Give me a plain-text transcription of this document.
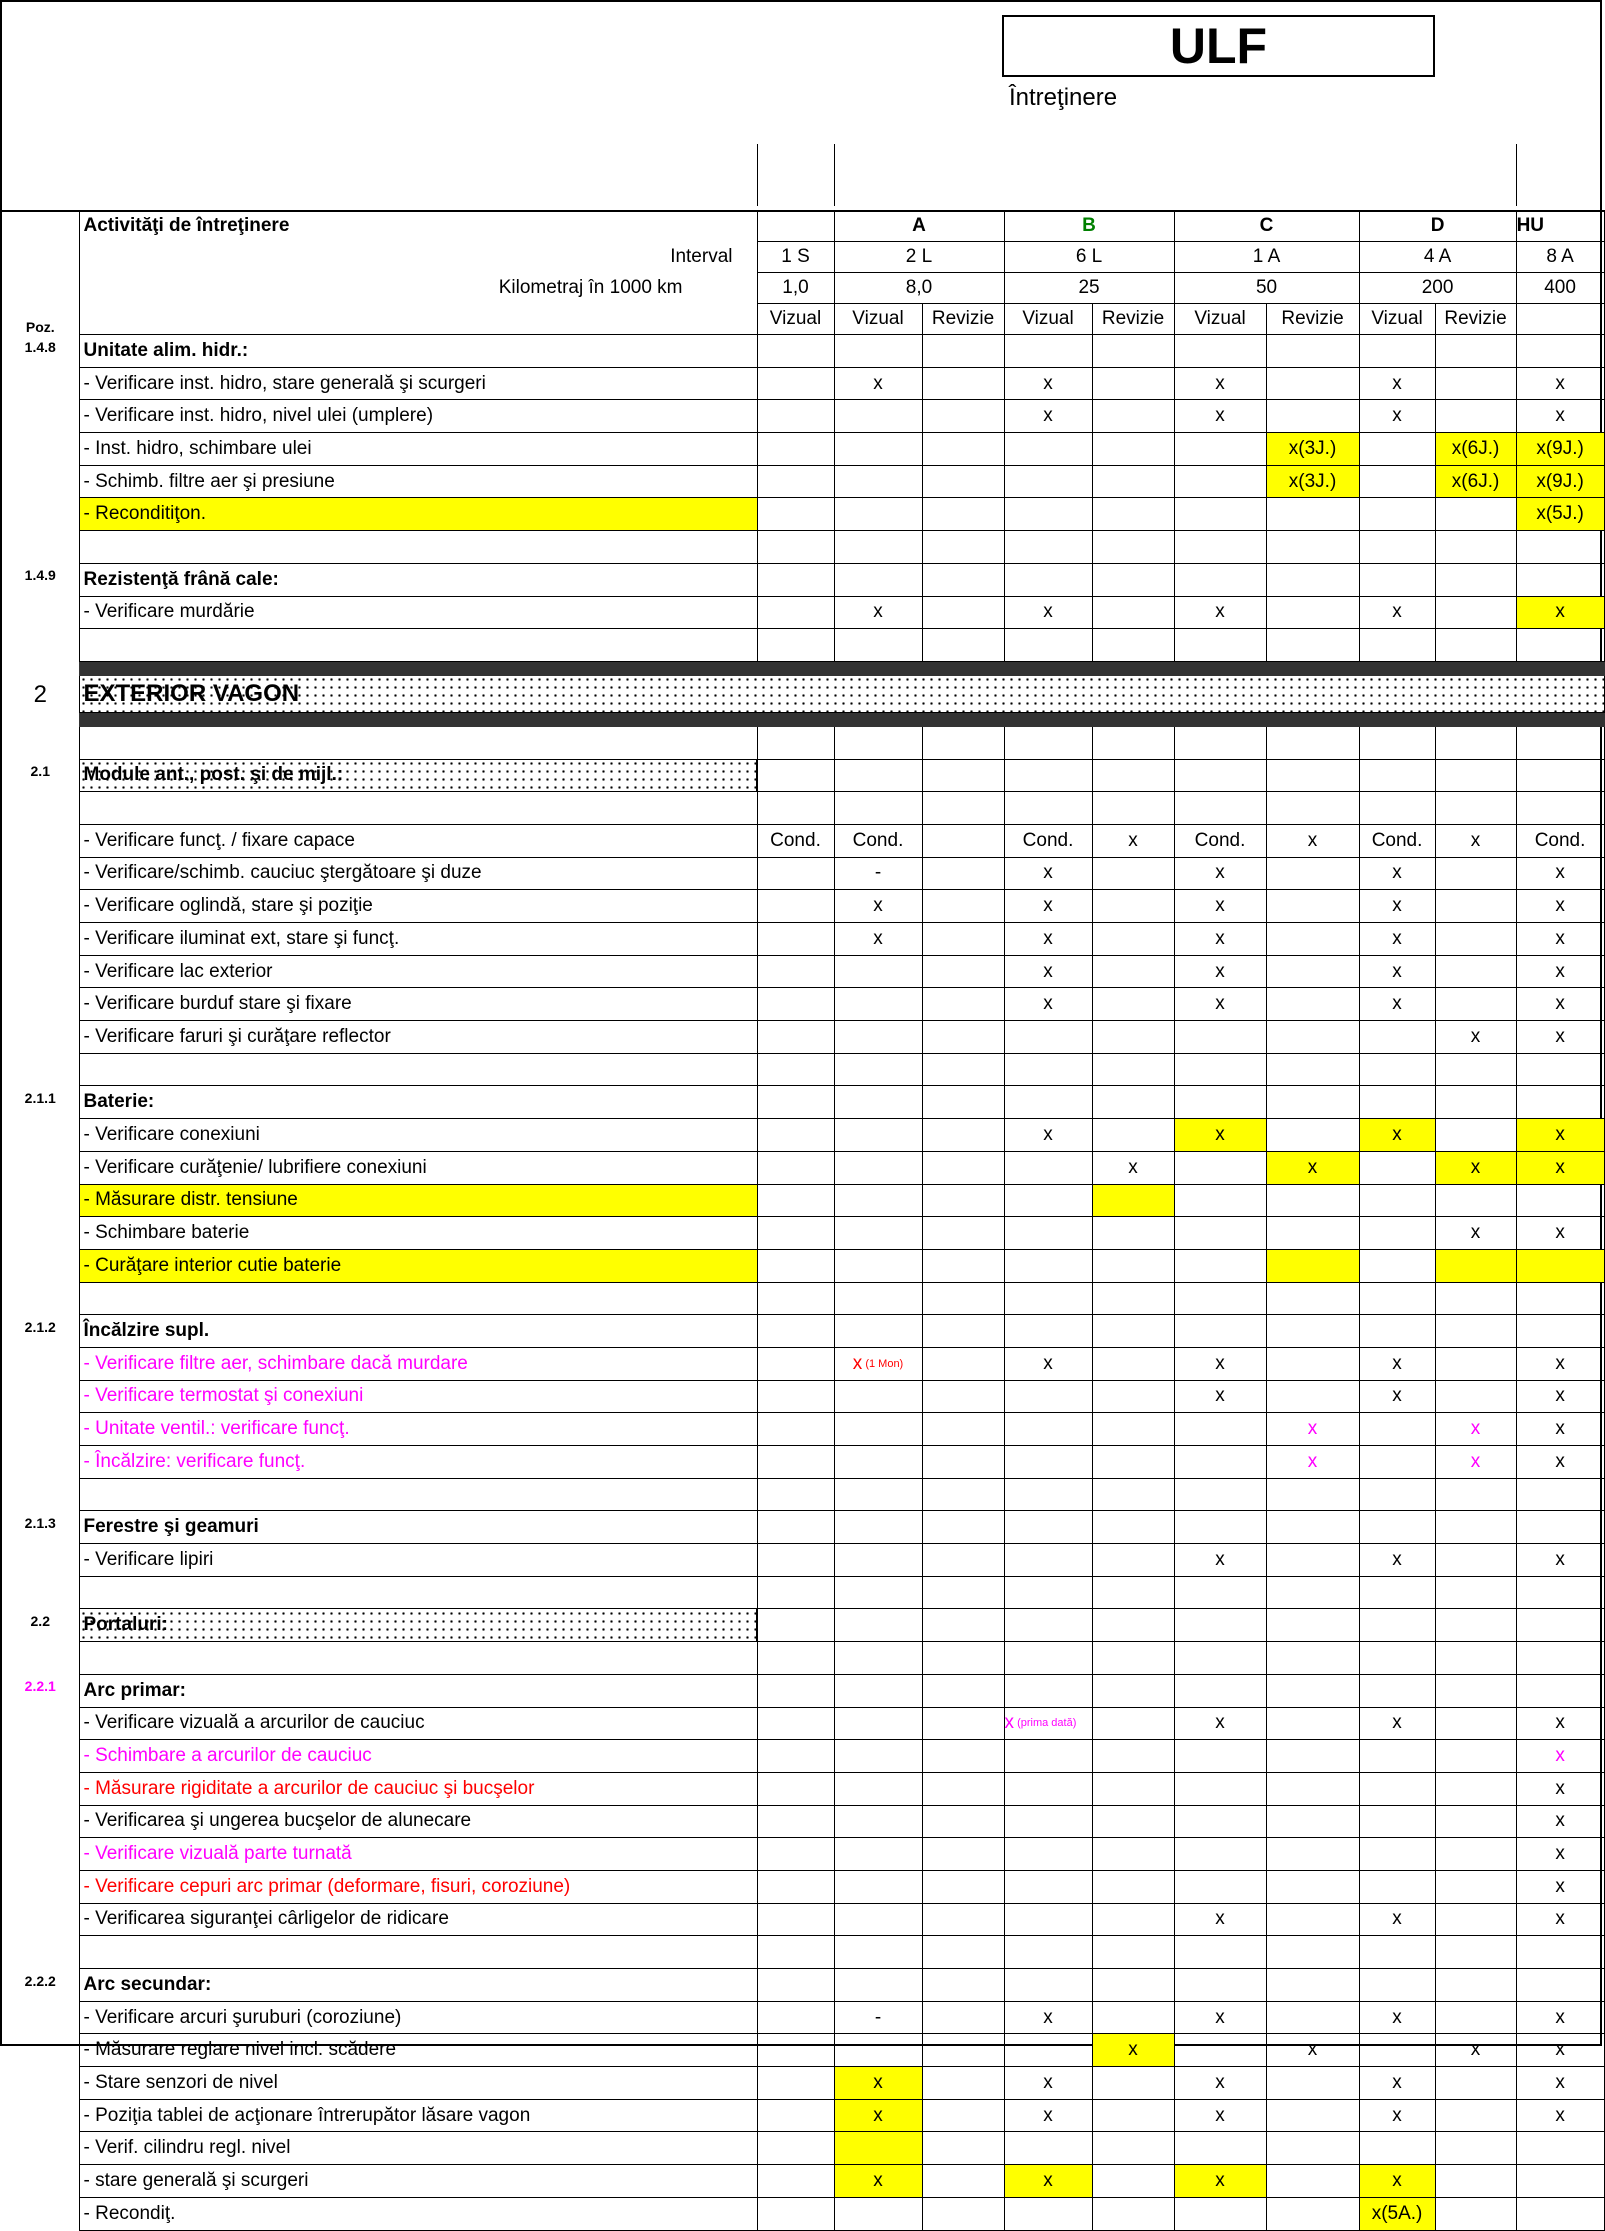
ULF
Întreţinere
	Activităţi de întreţinere		A		B		C		D		HU
	Interval	1 S	2 L		6 L		1 A		4 A		8 A
	Kilometraj în 1000 km	1,0	8,0		25		50		200		400
Poz.		Vizual	Vizual	Revizie	Vizual	Revizie	Vizual	Revizie	Vizual	Revizie	
1.4.8	Unitate alim. hidr.:										
	- Verificare inst. hidro, stare generală şi scurgeri		x		x		x		x		x
	- Verificare inst. hidro, nivel ulei (umplere)				x		x		x		x
	- Inst. hidro, schimbare ulei							x(3J.)		x(6J.)	x(9J.)
	- Schimb. filtre aer şi presiune							x(3J.)		x(6J.)	x(9J.)
	- Reconditiţon.										x(5J.)

1.4.9	Rezistenţă frână cale:										
	- Verificare murdărie		x		x		x		x		x

2	EXTERIOR VAGON										

2.1	Module ant., post. şi de mijl.:										

	- Verificare funcţ. / fixare capace	Cond.	Cond.		Cond.	x	Cond.	x	Cond.	x	Cond.
	- Verificare/schimb. cauciuc ştergătoare şi duze		-		x		x		x		x
	- Verificare oglindă, stare şi poziţie		x		x		x		x		x
	- Verificare iluminat ext, stare şi funcţ.		x		x		x		x		x
	- Verificare lac exterior				x		x		x		x
	- Verificare burduf stare şi fixare				x		x		x		x
	- Verificare faruri şi curăţare reflector									x	x

2.1.1	Baterie:										
	- Verificare conexiuni				x		x		x		x
	- Verificare curăţenie/ lubrifiere conexiuni					x		x		x	x
	- Măsurare distr. tensiune										
	- Schimbare baterie									x	x
	- Curăţare interior cutie baterie										

2.1.2	Încălzire supl.										
	- Verificare filtre aer, schimbare dacă murdare		x (1 Mon)		x		x		x		x
	- Verificare termostat şi conexiuni						x		x		x
	- Unitate ventil.: verificare funcţ.							x		x	x
	- Încălzire: verificare funcţ.							x		x	x

2.1.3	Ferestre şi geamuri										
	- Verificare lipiri						x		x		x

2.2	Portaluri:										

2.2.1	Arc primar:										
	- Verificare vizuală a arcurilor de cauciuc				x (prima dată)		x		x		x
	- Schimbare a arcurilor de cauciuc										x
	- Măsurare rigiditate a arcurilor de cauciuc şi bucşelor										x
	- Verificarea şi ungerea bucşelor de alunecare										x
	- Verificare vizuală parte turnată										x
	- Verificare cepuri arc primar (deformare, fisuri, coroziune)										x
	- Verificarea siguranţei cârligelor de ridicare						x		x		x

2.2.2	Arc secundar:										
	- Verificare arcuri şuruburi (coroziune)		-		x		x		x		x
	- Măsurare reglare nivel incl. scădere					x		x		x	x
	- Stare senzori de nivel		x		x		x		x		x
	- Poziţia tablei de acţionare întrerupător lăsare vagon		x		x		x		x		x
	- Verif. cilindru regl. nivel										
	- stare generală şi scurgeri		x		x		x		x		
	- Recondiţ.								x(5A.)		
